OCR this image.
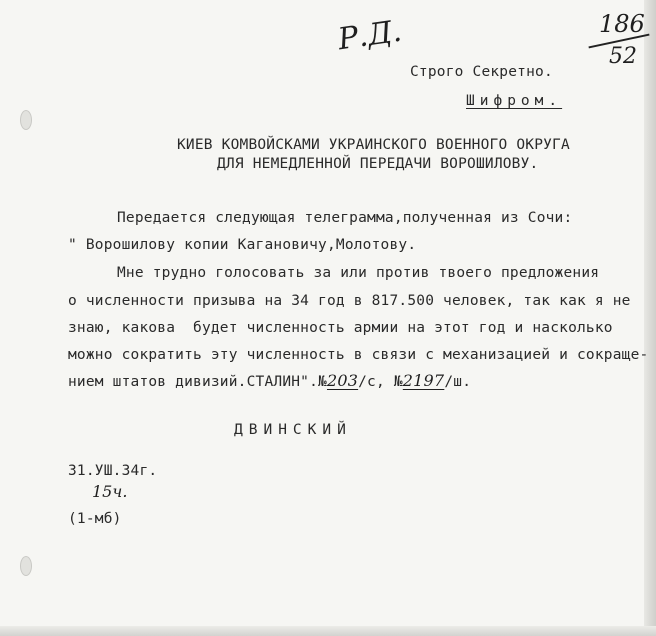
Р.Д.	186
52
Строго Секретно.
Шифром.
КИЕВ КОМВОЙСКАМИ УКРАИНСКОГО ВОЕННОГО ОКРУГА
ДЛЯ НЕМЕДЛЕННОЙ ПЕРЕДАЧИ ВОРОШИЛОВУ.
Передается следующая телеграмма,полученная из Сочи:
" Ворошилову копии Кагановичу,Молотову.
Мне трудно голосовать за или против твоего предложения
о численности призыва на 34 год в 817.500 человек, так как я не
знаю, какова  будет численность армии на этот год и насколько
можно сократить эту численность в связи с механизацией и сокраще-
нием штатов дивизий.СТАЛИН".№203/с, №2197/ш.
ДВИНСКИЙ
31.УШ.34г.
15ч.
(1-мб)
